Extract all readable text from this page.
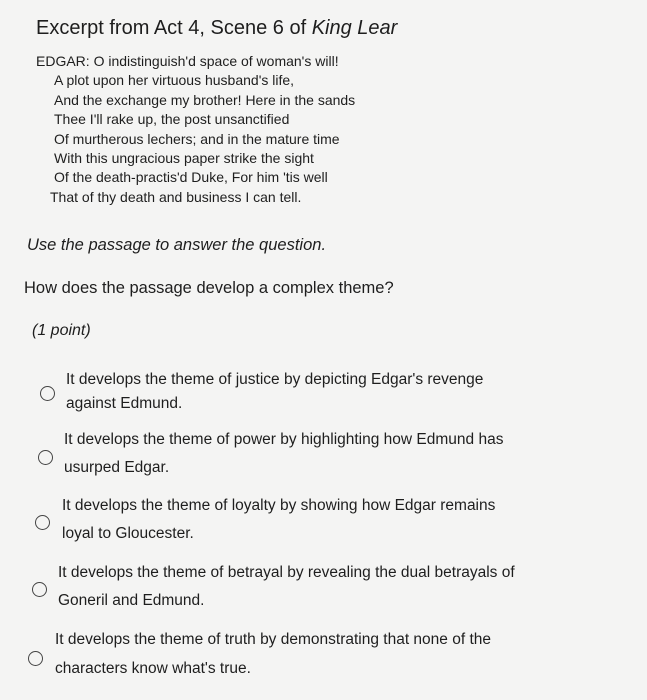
Excerpt from Act 4, Scene 6 of King Lear
EDGAR: O indistinguish'd space of woman's will!
A plot upon her virtuous husband's life,
And the exchange my brother! Here in the sands
Thee I'll rake up, the post unsanctified
Of murtherous lechers; and in the mature time
With this ungracious paper strike the sight
Of the death-practis'd Duke, For him 'tis well
That of thy death and business I can tell.

Use the passage to answer the question.

How does the passage develop a complex theme?

(1 point)

It develops the theme of justice by depicting Edgar's revenge
against Edmund.
It develops the theme of power by highlighting how Edmund has
usurped Edgar.
It develops the theme of loyalty by showing how Edgar remains
loyal to Gloucester.
It develops the theme of betrayal by revealing the dual betrayals of
Goneril and Edmund.
It develops the theme of truth by demonstrating that none of the
characters know what's true.
